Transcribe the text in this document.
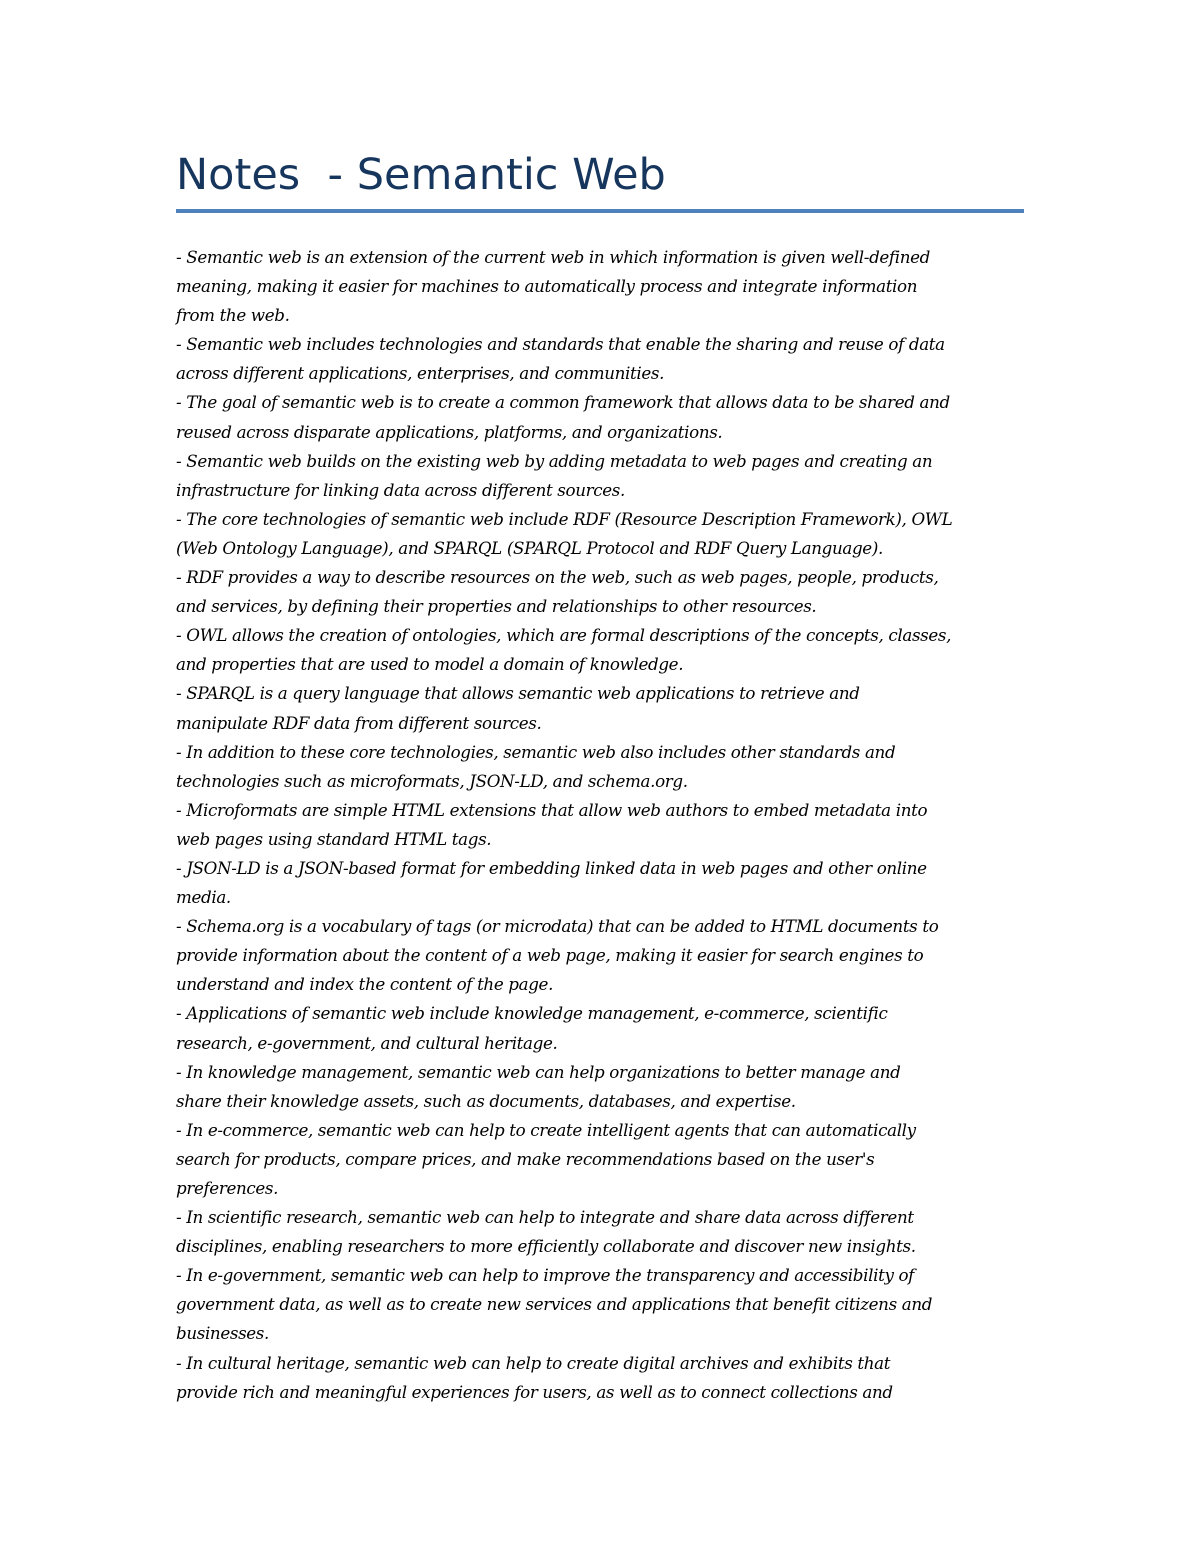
Notes  - Semantic Web
- Semantic web is an extension of the current web in which information is given well-defined
meaning, making it easier for machines to automatically process and integrate information
from the web.
- Semantic web includes technologies and standards that enable the sharing and reuse of data
across different applications, enterprises, and communities.
- The goal of semantic web is to create a common framework that allows data to be shared and
reused across disparate applications, platforms, and organizations.
- Semantic web builds on the existing web by adding metadata to web pages and creating an
infrastructure for linking data across different sources.
- The core technologies of semantic web include RDF (Resource Description Framework), OWL
(Web Ontology Language), and SPARQL (SPARQL Protocol and RDF Query Language).
- RDF provides a way to describe resources on the web, such as web pages, people, products,
and services, by defining their properties and relationships to other resources.
- OWL allows the creation of ontologies, which are formal descriptions of the concepts, classes,
and properties that are used to model a domain of knowledge.
- SPARQL is a query language that allows semantic web applications to retrieve and
manipulate RDF data from different sources.
- In addition to these core technologies, semantic web also includes other standards and
technologies such as microformats, JSON-LD, and schema.org.
- Microformats are simple HTML extensions that allow web authors to embed metadata into
web pages using standard HTML tags.
- JSON-LD is a JSON-based format for embedding linked data in web pages and other online
media.
- Schema.org is a vocabulary of tags (or microdata) that can be added to HTML documents to
provide information about the content of a web page, making it easier for search engines to
understand and index the content of the page.
- Applications of semantic web include knowledge management, e-commerce, scientific
research, e-government, and cultural heritage.
- In knowledge management, semantic web can help organizations to better manage and
share their knowledge assets, such as documents, databases, and expertise.
- In e-commerce, semantic web can help to create intelligent agents that can automatically
search for products, compare prices, and make recommendations based on the user's
preferences.
- In scientific research, semantic web can help to integrate and share data across different
disciplines, enabling researchers to more efficiently collaborate and discover new insights.
- In e-government, semantic web can help to improve the transparency and accessibility of
government data, as well as to create new services and applications that benefit citizens and
businesses.
- In cultural heritage, semantic web can help to create digital archives and exhibits that
provide rich and meaningful experiences for users, as well as to connect collections and
